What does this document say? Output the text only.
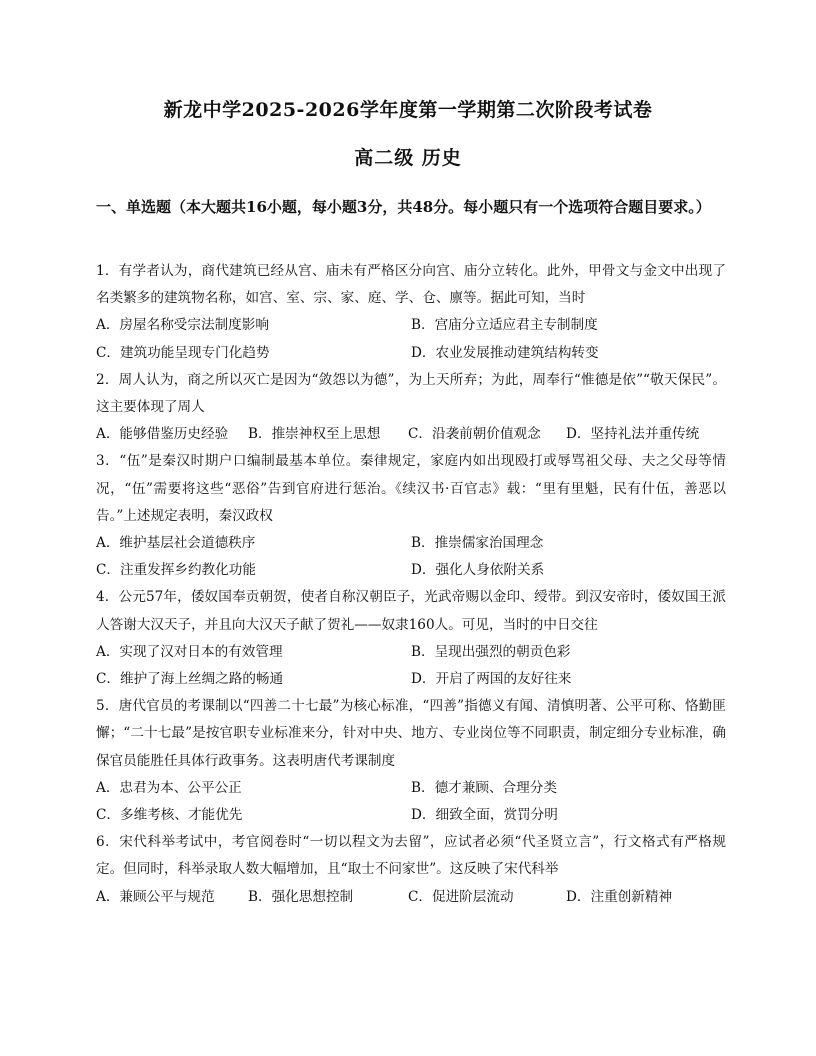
新龙中学2025-2026学年度第一学期第二次阶段考试卷
高二级 历史
一、单选题（本大题共16小题，每小题3分，共48分。每小题只有一个选项符合题目要求。）

1．有学者认为，商代建筑已经从宫、庙未有严格区分向宫、庙分立转化。此外，甲骨文与金文中出现了名类繁多的建筑物名称，如宫、室、宗、家、庭、学、仓、廪等。据此可知，当时

A．房屋名称受宗法制度影响	B．宫庙分立适应君主专制制度
C．建筑功能呈现专门化趋势	D．农业发展推动建筑结构转变

2．周人认为，商之所以灭亡是因为“敛怨以为德”，为上天所弃；为此，周奉行“惟德是依”“敬天保民”。这主要体现了周人

A．能够借鉴历史经验	B．推崇神权至上思想	C．沿袭前朝价值观念	D．坚持礼法并重传统

3．“伍”是秦汉时期户口编制最基本单位。秦律规定，家庭内如出现殴打或辱骂祖父母、夫之父母等情况，“伍”需要将这些“恶俗”告到官府进行惩治。《续汉书·百官志》载：“里有里魁，民有什伍，善恶以告。”上述规定表明，秦汉政权

A．维护基层社会道德秩序	B．推崇儒家治国理念
C．注重发挥乡约教化功能	D．强化人身依附关系

4．公元57年，倭奴国奉贡朝贺，使者自称汉朝臣子，光武帝赐以金印、绶带。到汉安帝时，倭奴国王派人答谢大汉天子，并且向大汉天子献了贺礼——奴隶160人。可见，当时的中日交往

A．实现了汉对日本的有效管理	B．呈现出强烈的朝贡色彩
C．维护了海上丝绸之路的畅通	D．开启了两国的友好往来

5．唐代官员的考课制以“四善二十七最”为核心标准，“四善”指德义有闻、清慎明著、公平可称、恪勤匪懈；“二十七最”是按官职专业标准来分，针对中央、地方、专业岗位等不同职责，制定细分专业标准，确保官员能胜任具体行政事务。这表明唐代考课制度

A．忠君为本、公平公正	B．德才兼顾、合理分类
C．多维考核、才能优先	D．细致全面，赏罚分明

6．宋代科举考试中，考官阅卷时“一切以程文为去留”，应试者必须“代圣贤立言”，行文格式有严格规定。但同时，科举录取人数大幅增加，且“取士不问家世”。这反映了宋代科举

A．兼顾公平与规范	B．强化思想控制	C．促进阶层流动	D．注重创新精神
